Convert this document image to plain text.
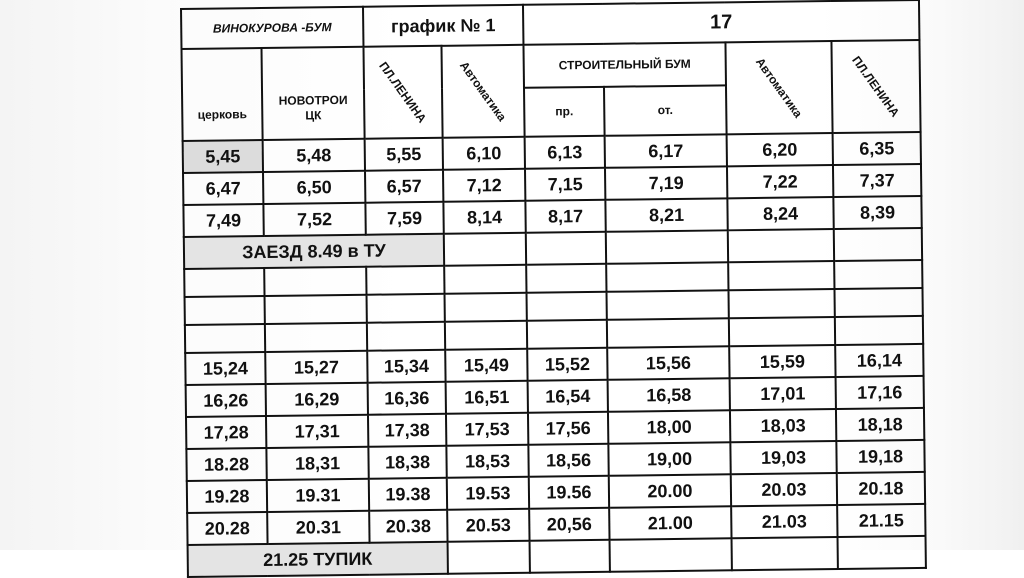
ВИНОКУРОВА -БУМ		график № 1		17			

церковь	НОВОТРОИ ЦК	ПЛ.ЛЕНИНА	Автоматика	СТРОИТЕЛЬНЫЙ БУМ		Автоматика	ПЛ.ЛЕНИНА
				пр.	от.		
5,45	5,48	5,55	6,10	6,13	6,17	6,20	6,35
6,47	6,50	6,57	7,12	7,15	7,19	7,22	7,37
7,49	7,52	7,59	8,14	8,17	8,21	8,24	8,39
ЗАЕЗД 8.49 в ТУ							

15,24	15,27	15,34	15,49	15,52	15,56	15,59	16,14
16,26	16,29	16,36	16,51	16,54	16,58	17,01	17,16
17,28	17,31	17,38	17,53	17,56	18,00	18,03	18,18
18.28	18,31	18,38	18,53	18,56	19,00	19,03	19,18
19.28	19.31	19.38	19.53	19.56	20.00	20.03	20.18
20.28	20.31	20.38	20.53	20,56	21.00	21.03	21.15
21.25 ТУПИК							
